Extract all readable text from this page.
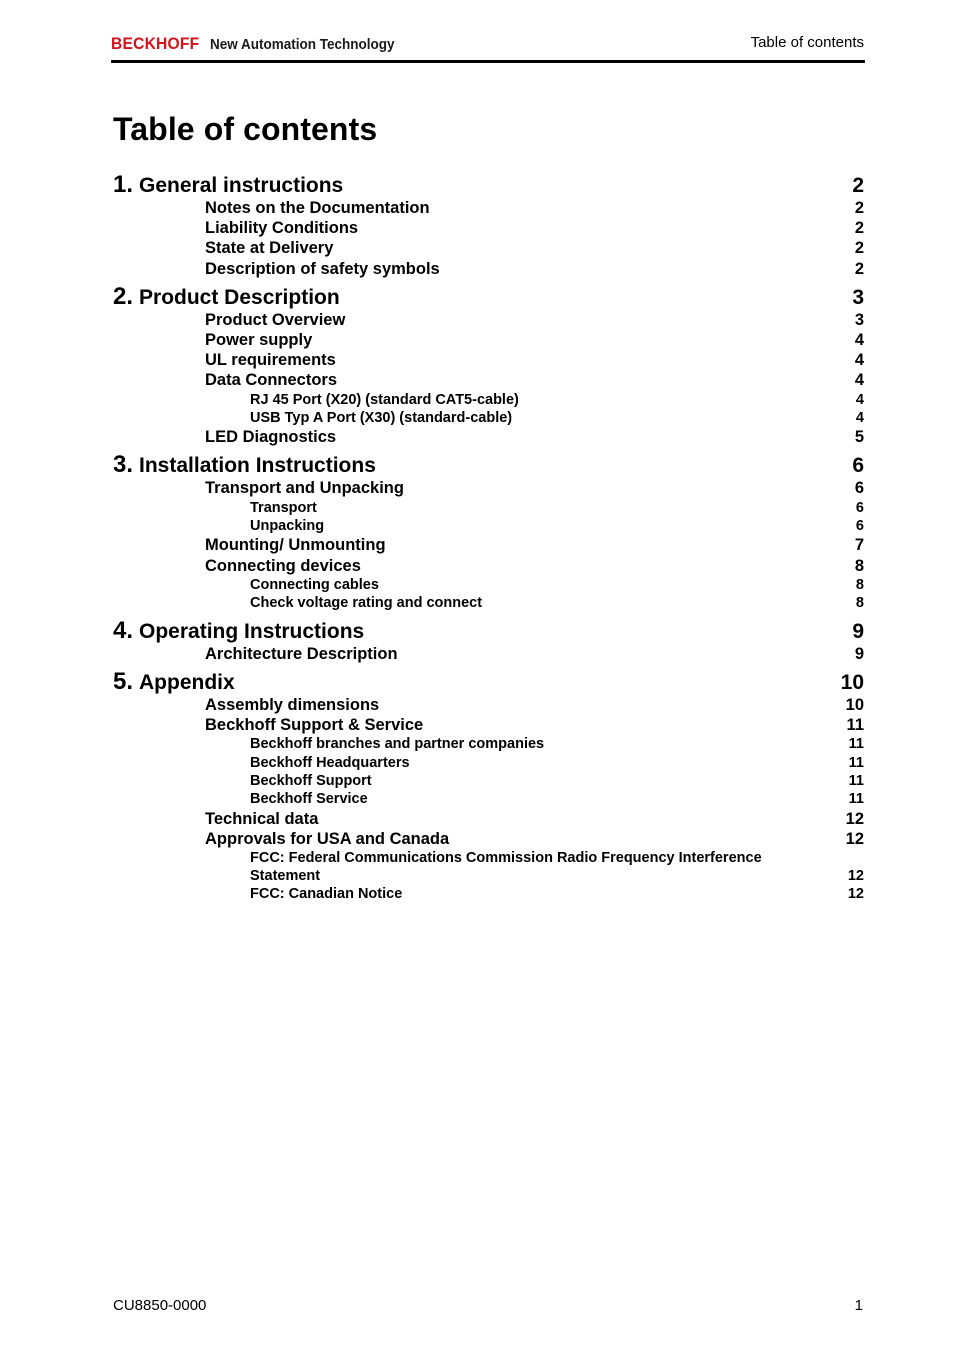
BECKHOFF New Automation Technology	Table of contents
Table of contents
1. General instructions	2
Notes on the Documentation	2
Liability Conditions	2
State at Delivery	2
Description of safety symbols	2
2. Product Description	3
Product Overview	3
Power supply	4
UL requirements	4
Data Connectors	4
RJ 45 Port (X20) (standard CAT5-cable)	4
USB Typ A Port (X30) (standard-cable)	4
LED Diagnostics	5
3. Installation Instructions	6
Transport and Unpacking	6
Transport	6
Unpacking	6
Mounting/ Unmounting	7
Connecting devices	8
Connecting cables	8
Check voltage rating and connect	8
4. Operating Instructions	9
Architecture Description	9
5. Appendix	10
Assembly dimensions	10
Beckhoff Support & Service	11
Beckhoff branches and partner companies	11
Beckhoff Headquarters	11
Beckhoff Support	11
Beckhoff Service	11
Technical data	12
Approvals for USA and Canada	12
FCC: Federal Communications Commission Radio Frequency Interference Statement	12
FCC: Canadian Notice	12
CU8850-0000	1
